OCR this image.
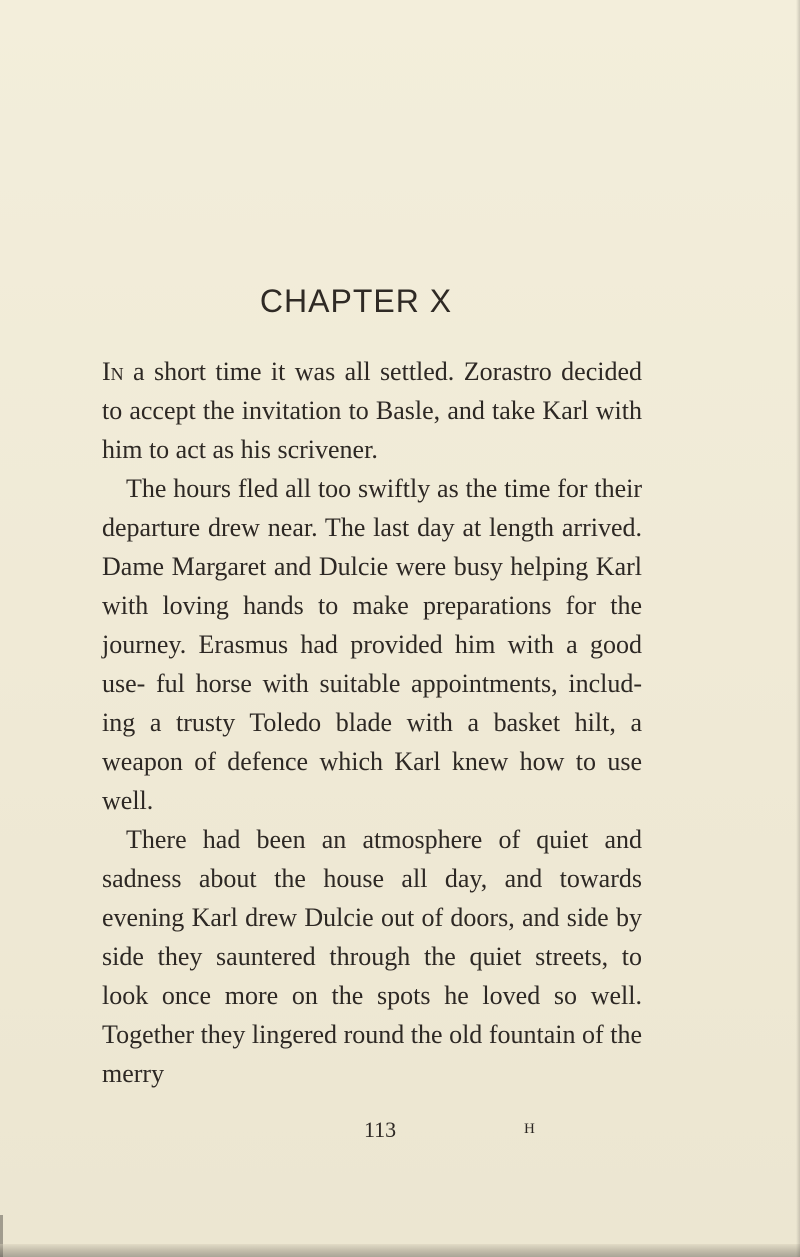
CHAPTER X

In a short time it was all settled. Zorastro decided to accept the invitation to Basle, and take Karl with him to act as his scrivener.

The hours fled all too swiftly as the time for their departure drew near. The last day at length arrived. Dame Margaret and Dulcie were busy helping Karl with loving hands to make preparations for the journey. Erasmus had provided him with a good use- ful horse with suitable appointments, includ- ing a trusty Toledo blade with a basket hilt, a weapon of defence which Karl knew how to use well.

There had been an atmosphere of quiet and sadness about the house all day, and towards evening Karl drew Dulcie out of doors, and side by side they sauntered through the quiet streets, to look once more on the spots he loved so well. Together they lingered round the old fountain of the merry

113	H
